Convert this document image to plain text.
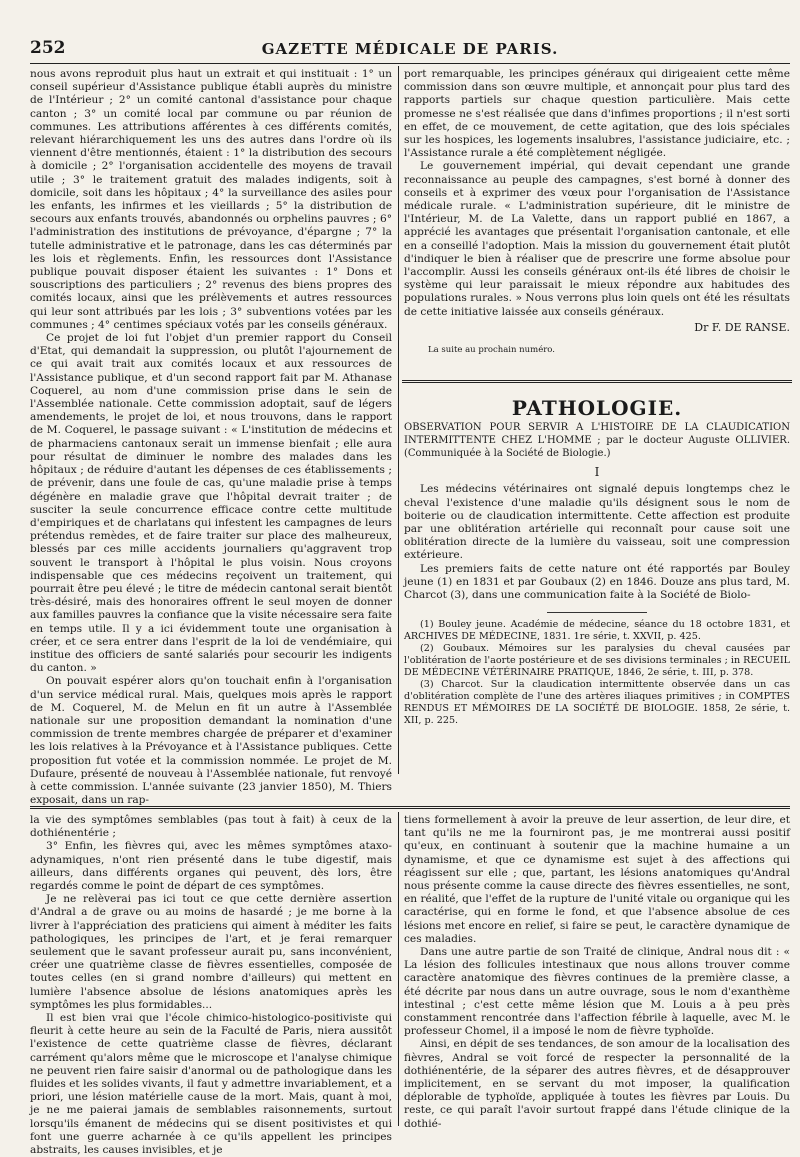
252	GAZETTE MÉDICALE DE PARIS.

nous avons reproduit plus haut un extrait et qui instituait : 1° un conseil supérieur d'Assistance publique établi auprès du ministre de l'Intérieur ; 2° un comité cantonal d'assistance pour chaque canton ; 3° un comité local par commune ou par réunion de communes. Les attributions afférentes à ces différents comités, relevant hiérarchiquement les uns des autres dans l'ordre où ils viennent d'être mentionnés, étaient : 1° la distribution des secours à domicile ; 2° l'organisation accidentelle des moyens de travail utile ; 3° le traitement gratuit des malades indigents, soit à domicile, soit dans les hôpitaux ; 4° la surveillance des asiles pour les enfants, les infirmes et les vieillards ; 5° la distribution de secours aux enfants trouvés, abandonnés ou orphelins pauvres ; 6° l'administration des institutions de prévoyance, d'épargne ; 7° la tutelle administrative et le patronage, dans les cas déterminés par les lois et règlements. Enfin, les ressources dont l'Assistance publique pouvait disposer étaient les suivantes : 1° Dons et souscriptions des particuliers ; 2° revenus des biens propres des comités locaux, ainsi que les prélèvements et autres ressources qui leur sont attribués par les lois ; 3° subventions votées par les communes ; 4° centimes spéciaux votés par les conseils généraux.

Ce projet de loi fut l'objet d'un premier rapport du Conseil d'Etat, qui demandait la suppression, ou plutôt l'ajournement de ce qui avait trait aux comités locaux et aux ressources de l'Assistance publique, et d'un second rapport fait par M. Athanase Coquerel, au nom d'une commission prise dans le sein de l'Assemblée nationale. Cette commission adoptait, sauf de légers amendements, le projet de loi, et nous trouvons, dans le rapport de M. Coquerel, le passage suivant : « L'institution de médecins et de pharmaciens cantonaux serait un immense bienfait ; elle aura pour résultat de diminuer le nombre des malades dans les hôpitaux ; de réduire d'autant les dépenses de ces établissements ; de prévenir, dans une foule de cas, qu'une maladie prise à temps dégénère en maladie grave que l'hôpital devrait traiter ; de susciter la seule concurrence efficace contre cette multitude d'empiriques et de charlatans qui infestent les campagnes de leurs prétendus remèdes, et de faire traiter sur place des malheureux, blessés par ces mille accidents journaliers qu'aggravent trop souvent le transport à l'hôpital le plus voisin. Nous croyons indispensable que ces médecins reçoivent un traitement, qui pourrait être peu élevé ; le titre de médecin cantonal serait bientôt très-désiré, mais des honoraires offrent le seul moyen de donner aux familles pauvres la confiance que la visite nécessaire sera faite en temps utile. Il y a ici évidemment toute une organisation à créer, et ce sera entrer dans l'esprit de la loi de vendémiaire, qui institue des officiers de santé salariés pour secourir les indigents du canton. »

On pouvait espérer alors qu'on touchait enfin à l'organisation d'un service médical rural. Mais, quelques mois après le rapport de M. Coquerel, M. de Melun en fit un autre à l'Assemblée nationale sur une proposition demandant la nomination d'une commission de trente membres chargée de préparer et d'examiner les lois relatives à la Prévoyance et à l'Assistance publiques. Cette proposition fut votée et la commission nommée. Le projet de M. Dufaure, présenté de nouveau à l'Assemblée nationale, fut renvoyé à cette commission. L'année suivante (23 janvier 1850), M. Thiers exposait, dans un rap-

port remarquable, les principes généraux qui dirigeaient cette même commission dans son œuvre multiple, et annonçait pour plus tard des rapports partiels sur chaque question particulière. Mais cette promesse ne s'est réalisée que dans d'infimes proportions ; il n'est sorti en effet, de ce mouvement, de cette agitation, que des lois spéciales sur les hospices, les logements insalubres, l'assistance judiciaire, etc. ; l'Assistance rurale a été complètement négligée.

Le gouvernement impérial, qui devait cependant une grande reconnaissance au peuple des campagnes, s'est borné à donner des conseils et à exprimer des vœux pour l'organisation de l'Assistance médicale rurale. « L'administration supérieure, dit le ministre de l'Intérieur, M. de La Valette, dans un rapport publié en 1867, a apprécié les avantages que présentait l'organisation cantonale, et elle en a conseillé l'adoption. Mais la mission du gouvernement était plutôt d'indiquer le bien à réaliser que de prescrire une forme absolue pour l'accomplir. Aussi les conseils généraux ont-ils été libres de choisir le système qui leur paraissait le mieux répondre aux habitudes des populations rurales. » Nous verrons plus loin quels ont été les résultats de cette initiative laissée aux conseils généraux.

Dr F. DE RANSE.
La suite au prochain numéro.
PATHOLOGIE.

OBSERVATION POUR SERVIR A L'HISTOIRE DE LA CLAUDICATION INTERMITTENTE CHEZ L'HOMME ; par le docteur Auguste OLLIVIER. (Communiquée à la Société de Biologie.)

I

Les médecins vétérinaires ont signalé depuis longtemps chez le cheval l'existence d'une maladie qu'ils désignent sous le nom de boiterie ou de claudication intermittente. Cette affection est produite par une oblitération artérielle qui reconnaît pour cause soit une oblitération directe de la lumière du vaisseau, soit une compression extérieure.

Les premiers faits de cette nature ont été rapportés par Bouley jeune (1) en 1831 et par Goubaux (2) en 1846. Douze ans plus tard, M. Charcot (3), dans une communication faite à la Société de Biolo-

(1) Bouley jeune. Académie de médecine, séance du 18 octobre 1831, et ARCHIVES DE MÉDECINE, 1831. 1re série, t. XXVII, p. 425.

(2) Goubaux. Mémoires sur les paralysies du cheval causées par l'oblitération de l'aorte postérieure et de ses divisions terminales ; in RECUEIL DE MÉDECINE VÉTÉRINAIRE PRATIQUE, 1846, 2e série, t. III, p. 378.

(3) Charcot. Sur la claudication intermittente observée dans un cas d'oblitération complète de l'une des artères iliaques primitives ; in COMPTES RENDUS ET MÉMOIRES DE LA SOCIÉTÉ DE BIOLOGIE. 1858, 2e série, t. XII, p. 225.

la vie des symptômes semblables (pas tout à fait) à ceux de la dothiénentérie ;

3° Enfin, les fièvres qui, avec les mêmes symptômes ataxo-adynamiques, n'ont rien présenté dans le tube digestif, mais ailleurs, dans différents organes qui peuvent, dès lors, être regardés comme le point de départ de ces symptômes.

Je ne relèverai pas ici tout ce que cette dernière assertion d'Andral a de grave ou au moins de hasardé ; je me borne à la livrer à l'appréciation des praticiens qui aiment à méditer les faits pathologiques, les principes de l'art, et je ferai remarquer seulement que le savant professeur aurait pu, sans inconvénient, créer une quatrième classe de fièvres essentielles, composée de toutes celles (en si grand nombre d'ailleurs) qui mettent en lumière l'absence absolue de lésions anatomiques après les symptômes les plus formidables...

Il est bien vrai que l'école chimico-histologico-positiviste qui fleurit à cette heure au sein de la Faculté de Paris, niera aussitôt l'existence de cette quatrième classe de fièvres, déclarant carrément qu'alors même que le microscope et l'analyse chimique ne peuvent rien faire saisir d'anormal ou de pathologique dans les fluides et les solides vivants, il faut y admettre invariablement, et a priori, une lésion matérielle cause de la mort. Mais, quant à moi, je ne me paierai jamais de semblables raisonnements, surtout lorsqu'ils émanent de médecins qui se disent positivistes et qui font une guerre acharnée à ce qu'ils appellent les principes abstraits, les causes invisibles, et je

tiens formellement à avoir la preuve de leur assertion, de leur dire, et tant qu'ils ne me la fourniront pas, je me montrerai aussi positif qu'eux, en continuant à soutenir que la machine humaine a un dynamisme, et que ce dynamisme est sujet à des affections qui réagissent sur elle ; que, partant, les lésions anatomiques qu'Andral nous présente comme la cause directe des fièvres essentielles, ne sont, en réalité, que l'effet de la rupture de l'unité vitale ou organique qui les caractérise, qui en forme le fond, et que l'absence absolue de ces lésions met encore en relief, si faire se peut, le caractère dynamique de ces maladies.

Dans une autre partie de son Traité de clinique, Andral nous dit : « La lésion des follicules intestinaux que nous allons trouver comme caractère anatomique des fièvres continues de la première classe, a été décrite par nous dans un autre ouvrage, sous le nom d'exanthème intestinal ; c'est cette même lésion que M. Louis a à peu près constamment rencontrée dans l'affection fébrile à laquelle, avec M. le professeur Chomel, il a imposé le nom de fièvre typhoïde.

Ainsi, en dépit de ses tendances, de son amour de la localisation des fièvres, Andral se voit forcé de respecter la personnalité de la dothiénentérie, de la séparer des autres fièvres, et de désapprouver implicitement, en se servant du mot imposer, la qualification déplorable de typhoïde, appliquée à toutes les fièvres par Louis. Du reste, ce qui paraît l'avoir surtout frappé dans l'étude clinique de la dothié-
